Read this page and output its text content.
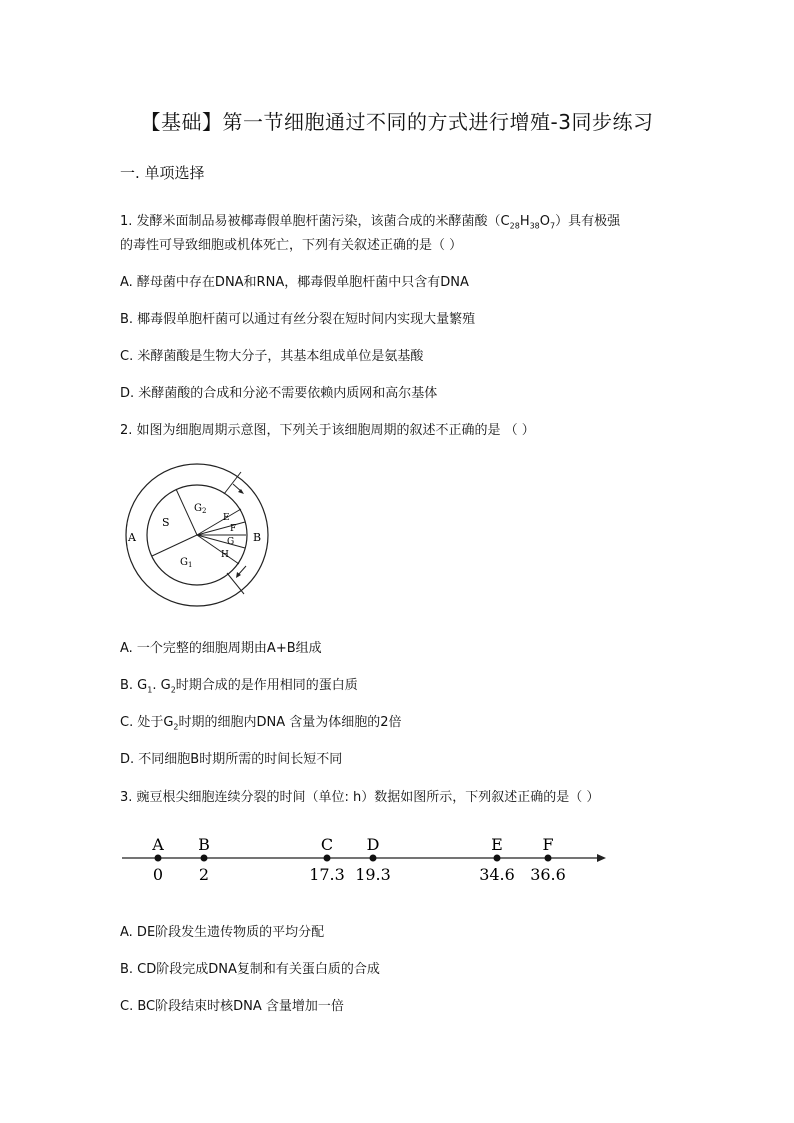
【基础】第一节细胞通过不同的方式进行增殖-3同步练习
一. 单项选择
1. 发酵米面制品易被椰毒假单胞杆菌污染，该菌合成的米酵菌酸$(C_{28}H_{38}O_7)$具有极强
的毒性可导致细胞或机体死亡，下列有关叙述正确的是（ ）
A. 酵母菌中存在DNA和RNA，椰毒假单胞杆菌中只含有DNA
B. 椰毒假单胞杆菌可以通过有丝分裂在短时间内实现大量繁殖
C. 米酵菌酸是生物大分子，其基本组成单位是氨基酸
D. 米酵菌酸的合成和分泌不需要依赖内质网和高尔基体
2. 如图为细胞周期示意图，下列关于该细胞周期的叙述不正确的是 （ ）
A	B
S
$G_2$
$G_1$
E
F
G
H
A. 一个完整的细胞周期由A+B组成
B. $G_1$. $G_2$时期合成的是作用相同的蛋白质
C. 处于$G_2$时期的细胞内DNA 含量为体细胞的2倍
D. 不同细胞B时期所需的时间长短不同
3. 豌豆根尖细胞连续分裂的时间（单位: h）数据如图所示，下列叙述正确的是（ ）
A
0
B
2
C
17.3
D
19.3
E
34.6
F
36.6
A. DE阶段发生遗传物质的平均分配
B. CD阶段完成DNA复制和有关蛋白质的合成
C. BC阶段结束时核DNA 含量增加一倍
